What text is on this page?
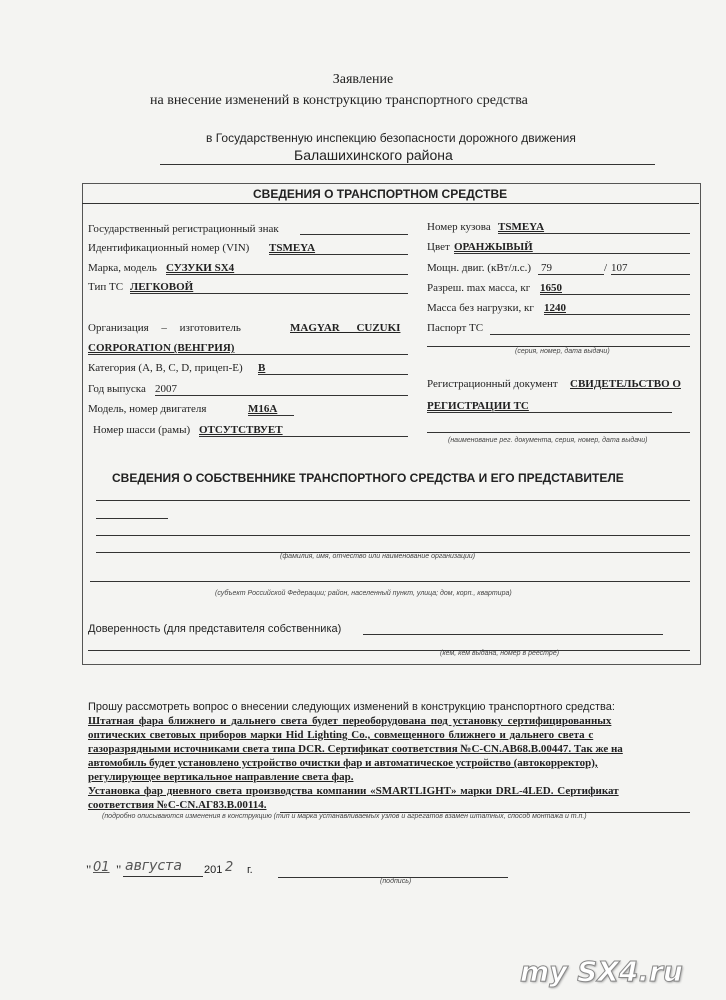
Заявление
на внесение изменений в конструкцию транспортного средства
в Государственную инспекцию безопасности дорожного движения
Балашихинского района
СВЕДЕНИЯ О ТРАНСПОРТНОМ СРЕДСТВЕ
Государственный регистрационный знак
Идентификационный номер (VIN) TSMEYA
Марка, модель СУЗУКИ SX4
Тип ТС ЛЕГКОВОЙ
Организация – изготовитель	MAGYAR CUZUKI
CORPORATION (ВЕНГРИЯ)
Категория (A, B, C, D, прицеп-Е) B
Год выпуска 2007
Модель, номер двигателя	M16A
Номер шасси (рамы) ОТСУТСТВУЕТ
Номер кузова TSMEYA
Цвет ОРАНЖЫВЫЙ
Мощн. двиг. (кВт/л.с.) 79	/ 107
Разреш. max масса, кг 1650
Масса без нагрузки, кг 1240
Паспорт ТС
(серия, номер, дата выдачи)
Регистрационный документ СВИДЕТЕЛЬСТВО О
РЕГИСТРАЦИИ ТС
(наименование рег. документа, серия, номер, дата выдачи)
СВЕДЕНИЯ О СОБСТВЕННИКЕ ТРАНСПОРТНОГО СРЕДСТВА И ЕГО ПРЕДСТАВИТЕЛЕ
(фамилия, имя, отчество или наименование организации)
(субъект Российской Федерации; район, населенный пункт, улица; дом, корп., квартира)
Доверенность (для представителя собственника)
(кем, кем выдана, номер в реестре)
Прошу рассмотреть вопрос о внесении следующих изменений в конструкцию транспортного средства:
Штатная фара ближнего и дальнего света будет переоборудована под установку сертифицированных
оптических световых приборов марки Hid Lighting Co., совмещенного ближнего и дальнего света с
газоразрядными источниками света типа DCR. Сертификат соответствия №C-CN.AB68.B.00447. Так же на
автомобиль будет установлено устройство очистки фар и автоматическое устройство (автокорректор),
регулирующее вертикальное направление света фар.
Установка фар дневного света производства компании «SMARTLIGHT» марки DRL-4LED. Сертификат
соответствия №C-CN.AГ83.B.00114.
(подробно описываются изменения в конструкцию (тип и марка устанавливаемых узлов и агрегатов взамен штатных, способ монтажа и т.п.)
" 01 " августа 201 2 г.
(подпись)
my SX4.ru
